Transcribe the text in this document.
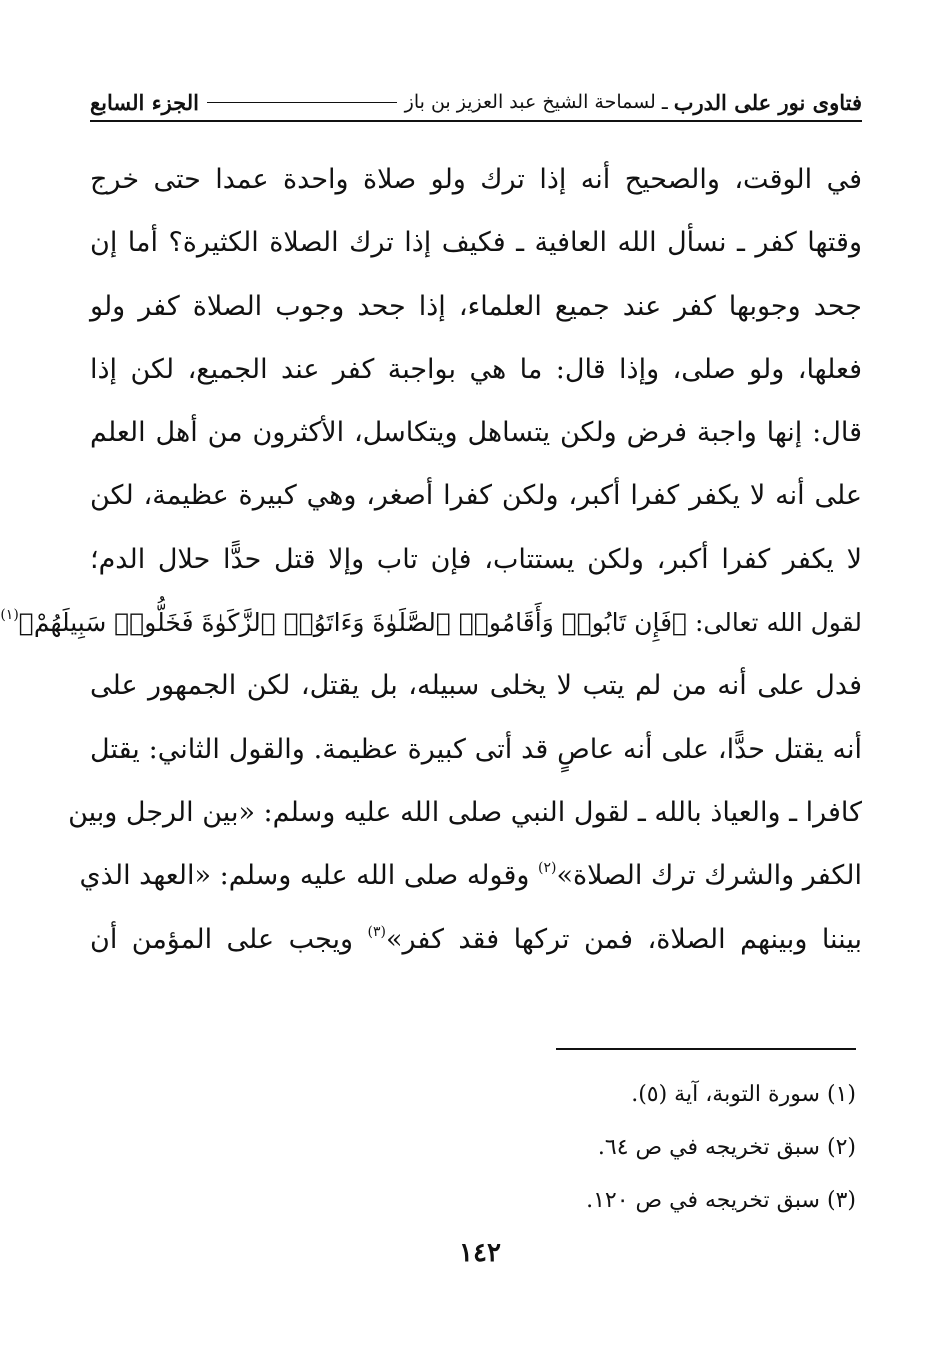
فتاوى نور على الدرب
ـ
لسماحة الشيخ عبد العزيز بن باز
الجزء السابع
في الوقت، والصحيح أنه إذا ترك ولو صلاة واحدة عمدا حتى خرج
وقتها كفر ـ نسأل الله العافية ـ فكيف إذا ترك الصلاة الكثيرة؟ أما إن
جحد وجوبها كفر عند جميع العلماء، إذا جحد وجوب الصلاة كفر ولو
فعلها، ولو صلى، وإذا قال: ما هي بواجبة كفر عند الجميع، لكن إذا
قال: إنها واجبة فرض ولكن يتساهل ويتكاسل، الأكثرون من أهل العلم
على أنه لا يكفر كفرا أكبر، ولكن كفرا أصغر، وهي كبيرة عظيمة، لكن
لا يكفر كفرا أكبر، ولكن يستتاب، فإن تاب وإلا قتل حدًّا حلال الدم؛
لقول الله تعالى: ﴿فَإِن تَابُوا۟ وَأَقَامُوا۟ ٱلصَّلَوٰةَ وَءَاتَوُا۟ ٱلزَّكَوٰةَ فَخَلُّوا۟ سَبِيلَهُمْ﴾$^{(١)}$
فدل على أنه من لم يتب لا يخلى سبيله، بل يقتل، لكن الجمهور على
أنه يقتل حدًّا، على أنه عاصٍ قد أتى كبيرة عظيمة. والقول الثاني: يقتل
كافرا ـ والعياذ بالله ـ لقول النبي صلى الله عليه وسلم: «بين الرجل وبين
الكفر والشرك ترك الصلاة»$^{(٢)}$ وقوله صلى الله عليه وسلم: «العهد الذي
بيننا وبينهم الصلاة، فمن تركها فقد كفر»$^{(٣)}$ ويجب على المؤمن أن
(١) سورة التوبة، آية (٥).
(٢) سبق تخريجه في ص ٦٤.
(٣) سبق تخريجه في ص ١٢٠.
١٤٢
